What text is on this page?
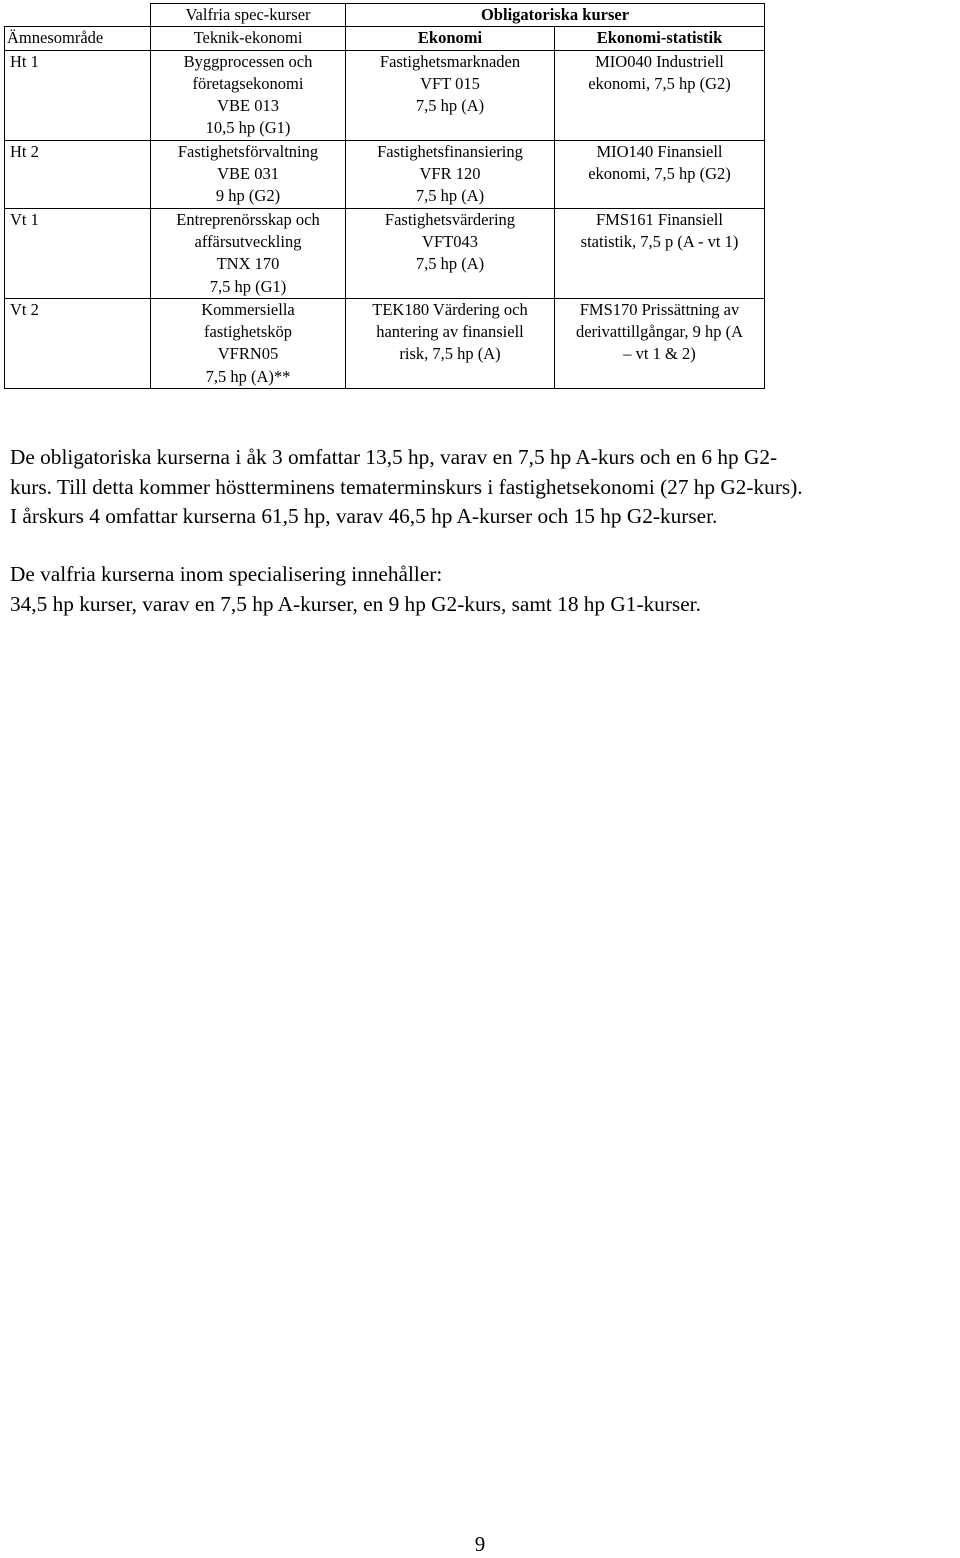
	Valfria spec-kurser	Obligatoriska kurser	
Ämnesområde	Teknik-ekonomi	Ekonomi	Ekonomi-statistik
Ht 1	Byggprocessen och
företagsekonomi
VBE 013
10,5 hp (G1)	Fastighetsmarknaden
VFT 015
7,5 hp (A)	MIO040 Industriell
ekonomi, 7,5 hp (G2)

Ht 2	Fastighetsförvaltning
VBE 031
9 hp (G2)	Fastighetsfinansiering
VFR 120
7,5 hp (A)	MIO140 Finansiell
ekonomi, 7,5 hp (G2)

Vt 1	Entreprenörsskap och
affärsutveckling
TNX 170
7,5 hp (G1)	Fastighetsvärdering
VFT043
7,5 hp (A)	FMS161 Finansiell
statistik, 7,5 p (A - vt 1)

Vt 2	Kommersiella
fastighetsköp
VFRN05
7,5 hp (A)**	TEK180 Värdering och
hantering av finansiell
risk, 7,5 hp (A)	FMS170 Prissättning av
derivattillgångar, 9 hp (A
– vt 1 & 2)

De obligatoriska kurserna i åk 3 omfattar 13,5 hp, varav en 7,5 hp A-kurs och en 6 hp G2-
kurs. Till detta kommer höstterminens tematerminskurs i fastighetsekonomi (27 hp G2-kurs).
I årskurs 4 omfattar kurserna 61,5 hp, varav 46,5 hp A-kurser och 15 hp G2-kurser.

De valfria kurserna inom specialisering innehåller:
34,5 hp kurser, varav en 7,5 hp A-kurser, en 9 hp G2-kurs, samt 18 hp G1-kurser.

9
